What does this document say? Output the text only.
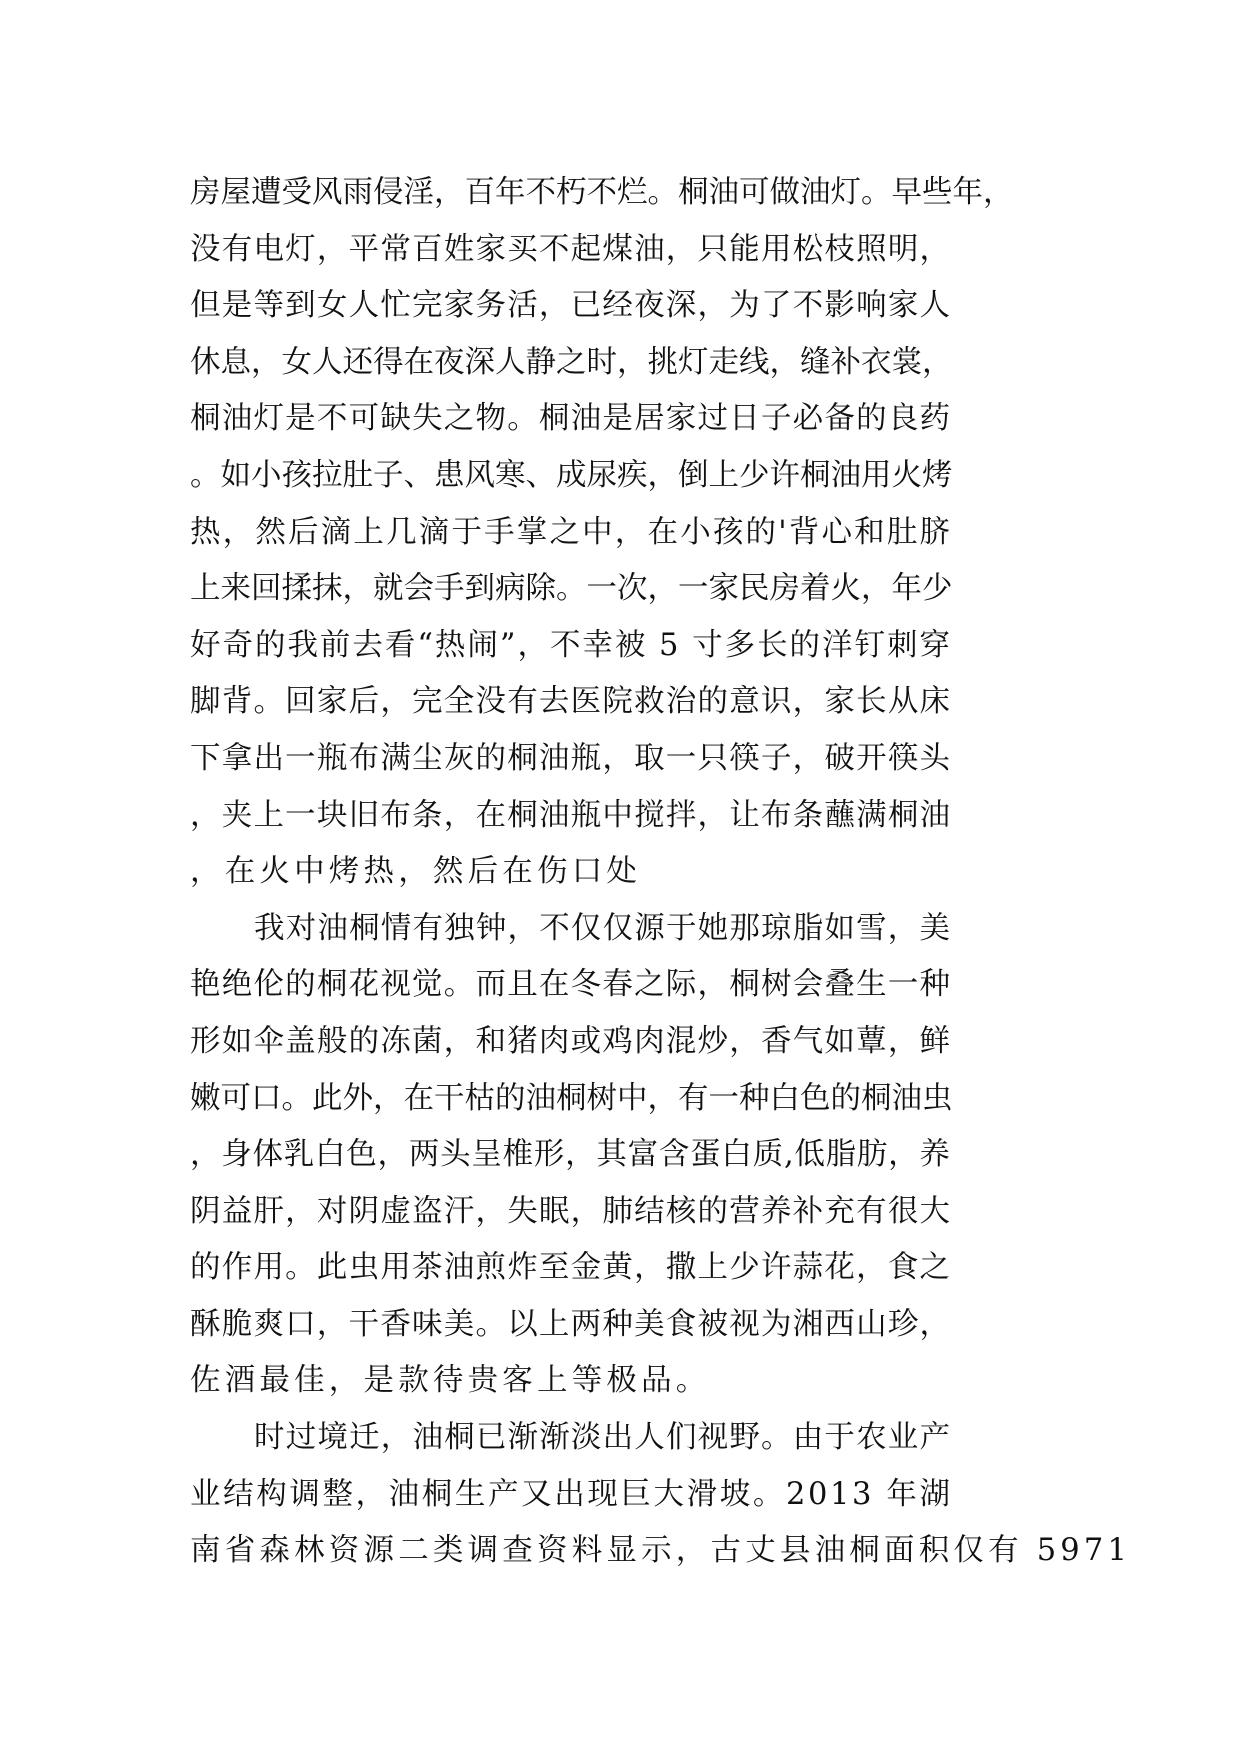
房屋遭受风雨侵淫，百年不朽不烂。桐油可做油灯。早些年，
没有电灯，平常百姓家买不起煤油，只能用松枝照明，
但是等到女人忙完家务活，已经夜深，为了不影响家人
休息，女人还得在夜深人静之时，挑灯走线，缝补衣裳，
桐油灯是不可缺失之物。桐油是居家过日子必备的良药
。如小孩拉肚子、患风寒、成尿疾，倒上少许桐油用火烤
热，然后滴上几滴于手掌之中，在小孩的'背心和肚脐
上来回揉抹，就会手到病除。一次，一家民房着火，年少
好奇的我前去看“热闹”，不幸被 5 寸多长的洋钉刺穿
脚背。回家后，完全没有去医院救治的意识，家长从床
下拿出一瓶布满尘灰的桐油瓶，取一只筷子，破开筷头
，夹上一块旧布条，在桐油瓶中搅拌，让布条蘸满桐油
，在火中烤热，然后在伤口处
我对油桐情有独钟，不仅仅源于她那琼脂如雪，美
艳绝伦的桐花视觉。而且在冬春之际，桐树会叠生一种
形如伞盖般的冻菌，和猪肉或鸡肉混炒，香气如蕈，鲜
嫩可口。此外，在干枯的油桐树中，有一种白色的桐油虫
，身体乳白色，两头呈椎形，其富含蛋白质,低脂肪，养
阴益肝，对阴虚盗汗，失眠，肺结核的营养补充有很大
的作用。此虫用茶油煎炸至金黄，撒上少许蒜花，食之
酥脆爽口，干香味美。以上两种美食被视为湘西山珍，
佐酒最佳，是款待贵客上等极品。
时过境迁，油桐已渐渐淡出人们视野。由于农业产
业结构调整，油桐生产又出现巨大滑坡。2013 年湖
南省森林资源二类调查资料显示，古丈县油桐面积仅有 5971
